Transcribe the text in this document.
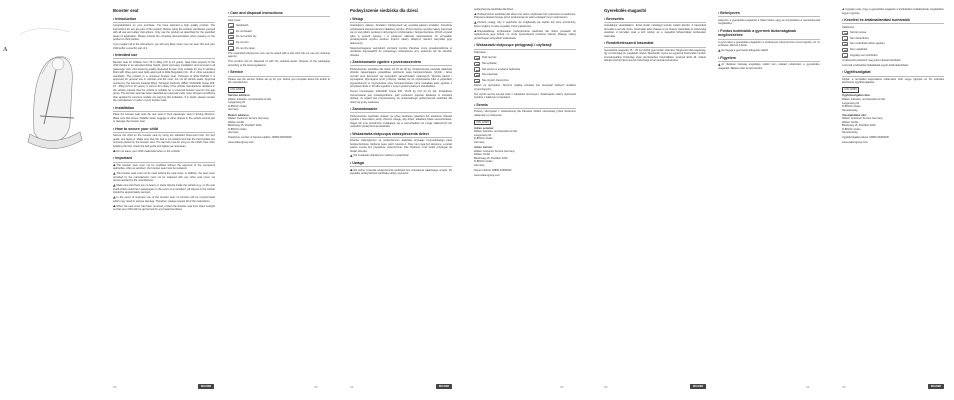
A
Booster seat
•Introduction

Congratulations on your purchase. You have selected a high quality product. The instructions for use are part of this product. Before using the product, familiarise yourself with all use and safety instructions. Only use the product as described for the specified areas of application. Please include the complete documentation when passing on the product to third parties.

If you neglect all of the instructions, you will very likely injure your car seat. We and your child suffer a specific part of it.

•Intended use

Booster seat for children from 15 to 36kg (3.5 to 12 years). Seat belts properly fit the child thanks to an elevated sitting height. Quick and easy installation and removal in all passenger cars. Non-lowering quality. Required by law. Only suitable for use in vehicles fitted with three-point seat belts approved to ECE Regulation No. 16 or other equivalent standards. The product is a universal booster seat. Pursuant to ECE R44/04 it is approved for general use in vehicles and fits most, but not all vehicle seats. Approval number by the German Federal Motor Transport Authority (KBA): 04301190 Group II/III, 15 - 36kg (3.5 to 12 years). A correct fit is likely if the vehicle manufacturer declares in the vehicle manual that the vehicle is suitable for a universal booster seat for this age group. The booster seat has been classified as universal under more stringent conditions than applied for previous models not carrying this indication. If in doubt, please contact the manufacturer or seller of your booster seat.

•Installation

Place the booster seat onto the rear seat or front passenger seat in driving direction. Make sure that shoes, foldable seats, luggage or other objects in the vehicle cannot jam or damage the booster seat.

•How to secure your child

Secure the child on the booster seat by using the standard three-point belt. For belt guide, see figure A. Make sure that the belt is not twisted and that the belt buckles are correctly placed on the booster seat. The lap belt must be snug on the child's hips. After buckling the belt, check the belt guide and tighten as necessary.

Do not leave your child unattended when in the vehicle!

•Important

The booster seat must not be modified without the approval of the competent authorities. After an accident, the booster seat must be replaced.

The booster seat must not be used without the seat cover. In addition, the seat cover provided by the manufacturer must not be replaced with any other seat cover not recommended by the manufacturer.

Make sure that there are no heavy or sharp objects inside the vehicle (e.g. on the rear shelf) which could harm passengers in the event of an accident. All objects in the vehicle should be appropriately secured.

In the event of improper use of the booster seat, its function will be compromised which may result in serious damage. Therefore, please respect all of the instructions.

When the seat cover has been removed, protect the booster seat from direct sunlight so that your child will not get burned by any heated surfaces.

•Care and disposal instructions

Seat cover:

Handwash
Do not bleach
Do not tumble dry
Do not iron
Do not dry clean

The expanded polystyrene core can be wiped with a soft cloth (do not use any cleaning agents).

This product can be disposed of with the residual waste. Dispose of the packaging according to the local regulations.

•Service

Please use the service hotline set up for you, before you complain about the article to the manufacturer.

IAN 12345
Service address:
Walser Industrie- und Handels GmbH
Langenweg 34
D-88131 Lindau
Germany
Return address:
Walser Customer Service Germany
Walser GmbH
Bleichweg 15, Postfach 3323
D-88131 Lindau
Germany

Telephone number of Service-Hotline: 00800 00300030

www.walsergroup.com

Podwyższenie siedziska dla dzieci
•Wstęp

Gratulujemy zakupu. Zostałem zdobytyosob się wysokiej jakości produktu. Instrukcja użytkowania stanowi element składowy wyrobu. Przed użyciem wyrobu należy zapoznać się ze wszystkimi podanymi dotyczącymi użytkowania i bezpieczeństwa. Wyrób używać tylko w sposób opisany i w podanym zakresie zastosowania. W przypadku przekazywania wyrobu osobom trzecim należy dołączyć również wszystkie jego dokumenty.

Nieprzestrzeganie wszystkich instrukcji wyrobu Państwa może prawdopodobnie w rezultacie doprowadzić do poważnego uszkodzenia przy siedzeniu lub do obrażeń dziecka.

•Zastosowanie zgodne z przeznaczeniem

Podwyższenie siedziska dla dzieci od 15 do 36 kg. Podwyższenie pozwala właściwie dziecku zapewniające prawidłowe położenie pasa bezpieczeństwa. Szybki i łatwy montaż oraz demontaż we wszystkich samochodach osobowych. Wysoka jakość i wymagania. Wymagane przez przepisy. Nadaje się do użytkowania tylko w pojazdach wyposażonych w trzypunktowe pasy bezpieczeństwa, które posiadają atest zgodnie z przepisem ECE nr 16 albo zgodnie z innymi porównywalnymi standardami.

Numer homologacji: 04301190 Grupa II/III, 15-36 kg (3,5 do 12 lat). Prawidłowe zamocowanie jest prawdopodobne, jeśli producent pojazdu deklaruje w instrukcji obsługi, że pojazd jest przystosowany do uniwersalnego podwyższenia siedziska dla dzieci tej grupy wiekowej.

•Zamontowanie

Podwyższenie siedziska ustawić na tylnej siedzenie pasażera lub siedzenie dziecka zgodnie z kierunkiem jazdy. Zwrócić uwagę, aby dzieci, składane fotele samochodowe, bagaż lub inne przedmioty znajdujące się w samochodzie nie mogły zakleszczyć lub uszkodzić podwyższenia siedziska.

•Wskazówka dotycząca zabezpieczenia dzieci

Dziecko zabezpieczyć na podwyższeniu siedziska używając trzypunktowego pasa bezpieczeństwa. Ułożenie pasa: patrz rysunek A. Pasy nie mogą być skręcone, a zamki pasów muszą być poprawnie umieszczone. Pas biodrowy musi ściśle przylegać do bioder dziecka.

Nie zostawiać dziecka bez nadzoru w pojeździe!

•Uwaga

Nie wolno zmieniać podwyższenia siedziska bez zezwolenia właściwego urzędu. Po wypadku podwyższenie siedziska należy wymienić.

podwyższenia siedziska dla dzieci.

Podwyższenie siedziska dla dzieci nie wolno użytkować bez pokrowca na siedzenie. Pokrowca dostarczonego przez producenta nie wolno zastąpić innym pokrowcem.

Zwrócić uwagę, aby w pojeździe nie znajdowały się ciężkie lub ostre przedmioty, które mogłyby w razie wypadku zranić pasażerów.

Nieprawidłowe użytkowanie podwyższenia siedziska dla dzieci prowadzi do ograniczenia jego funkcji, co może spowodować poważne szkody. Dlatego należy przestrzegać wszystkich wskazówek.

•Wskazówki dotyczące pielęgnacji i utylizacji

Pokrowiec:

Prać ręcznie
Nie wybielać
Nie suszyć w suszarce bębnowej
Nie prasować
Nie czyścić chemicznie

Rdzeń ze styropianu: Wytrzeć miękką szmatką (nie stosować żadnych środków czyszczących).

Ten wyrób można usunąć wraz z odpadami domowymi. Opakowanie należy utylizować zgodnie z lokalnymi przepisami.

•Serwis

Prosimy skorzystać z ustanowionej dla Państwa infolinii serwisowej przed złożeniem reklamacji u producenta.

IAN 12345
Adres serwisu:
Walser Industrie- und Handels GmbH
Langenweg 34
D-88131 Lindau
Germany
Adres zwrotu:
Walser Customer Service Germany
Walser GmbH
Bleichweg 15, Postfach 3323
D-88131 Lindau
Germany

Numer infolinii: 00800 00300030

www.walsergroup.com

Gyerekülés-magasító
•Bevezetés

Gratulálunk vásárlásához. Ezzel kiváló minőségű termék mellett döntött. A használati útmutató a termék része. Használat előtt olvassa el az összes használati és biztonsági utasítást. A terméket csak a leírt módon és a megadott felhasználási területeken használja.

•Rendeltetésszerű használat

Gyerekülés-magasító 15 - 36 kg közötti gyermekek számára. Megemelt ülésmagasság, így a biztonsági öv megfelelő módon illeszkedik. Gyors és egyszerű beszerelés minden személyautóba. Kizárólag olyan járművekben használható, amelyek ECE 16. számú előírás szerinti hárompontos biztonsági övvel vannak felszerelve.

•Behelyezés

Helyezze a gyerekülés-magasítót a hátsó ülésre vagy az anyósülésre a menetiránynak megfelelően.

•Fontos tudnivalók a gyermek biztonságának megőrzéséhez

A gyermeket a gyerekülés-magasítón a szabványos hárompontos övvel rögzítse. Az öv vezetése: lásd az A ábrát.

Ne hagyja a gyermeket felügyelet nélkül!

•Figyelem

Az illetékes hatóság engedélye nélkül nem szabad módosítani a gyerekülés-magasítót. Baleset után ki kell cserélni.

Ügyeljen arra, hogy a gyerekülés-magasító a közlekedési szabályoknak megfelelően legyen rögzítve.

•Kezelési és ártalmatlanítási tudnivalók

Üléshuzat:

Kézzel mossa
Nem fehéríthető
Nem szárítható dobos gépben
Nem vasalható
Vegyileg nem tisztítható

A habosított polisztirol mag puha ruhával tisztítható.

A termék a háztartási hulladékkal együtt ártalmatlanítható.

•Ügyfélszolgálat

Kérjük, a termékkel kapcsolatos reklamáció előtt vegye igénybe az Ön számára létrehozott ügyfélszolgálatot.

IAN 12345
Ügyfélszolgálat címe:
Walser Industrie- und Handels GmbH
Langenweg 34
D-88131 Lindau
Németország
Visszaküldési cím:
Walser Customer Service Germany
Walser GmbH
Bleichweg 15, Postfach 3323
D-88131 Lindau
Németország

Ügyfélszolgálat száma: 00800 00300030

www.walsergroup.com

XX	WALSER	XX	XX	WALSER	XX	XX	WALSER	XX	XX	WALSER
